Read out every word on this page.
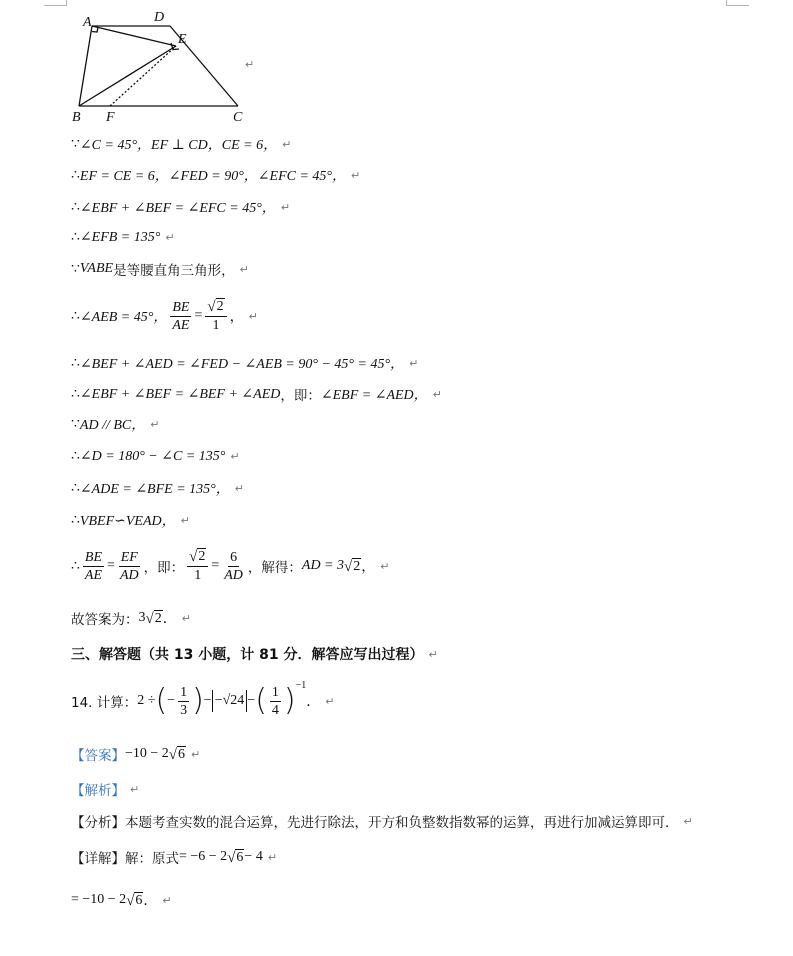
A	D
E
B F	C
↵
∵ ∠C = 45°，EF ⊥ CD，CE = 6， ↵
∴ EF = CE = 6，∠FED = 90°，∠EFC = 45°， ↵
∴ ∠EBF + ∠BEF = ∠EFC = 45°， ↵
∴ ∠EFB = 135° ↵
∵ VABE 是等腰直角三角形， ↵
∴ ∠AEB = 45°， $\frac{BE}{AE} = \frac{√ 2}{1}$ ， ↵
∴ ∠BEF + ∠AED = ∠FED − ∠AEB = 90° − 45° = 45°， ↵
∴ ∠EBF + ∠BEF = ∠BEF + ∠AED ，即： ∠EBF = ∠AED， ↵
∵ AD // BC， ↵
∴ ∠D = 180° − ∠C = 135° ↵
∴ ∠ADE = ∠BFE = 135°， ↵
∴ VBEF∽VEAD， ↵
∴ $\frac{BE}{AE} = \frac{EF}{AD}$ ，即： $\frac{√ 2}{1} = \frac{6}{AD}$ ，解得： AD = 3 √ 2 ， ↵
故答案为： 3 √ 2 ． ↵
三、解答题（共 13 小题，计 81 分．解答应写出过程） ↵
14. 计算： 2 ÷ ( − $\frac{1}{3}$ ) − −√24 − ( $\frac{1}{4} )^{-1}$
． ↵
【答案】 −10 − 2 √ 6 ↵
【解析】 ↵
【分析】 本题考查实数的混合运算，先进行除法，开方和负整数指数幂的运算，再进行加减运算即可． ↵
【详解】 解：原式 = −6 − 2 √ 6 − 4 ↵
= −10 − 2 √ 6 ． ↵
